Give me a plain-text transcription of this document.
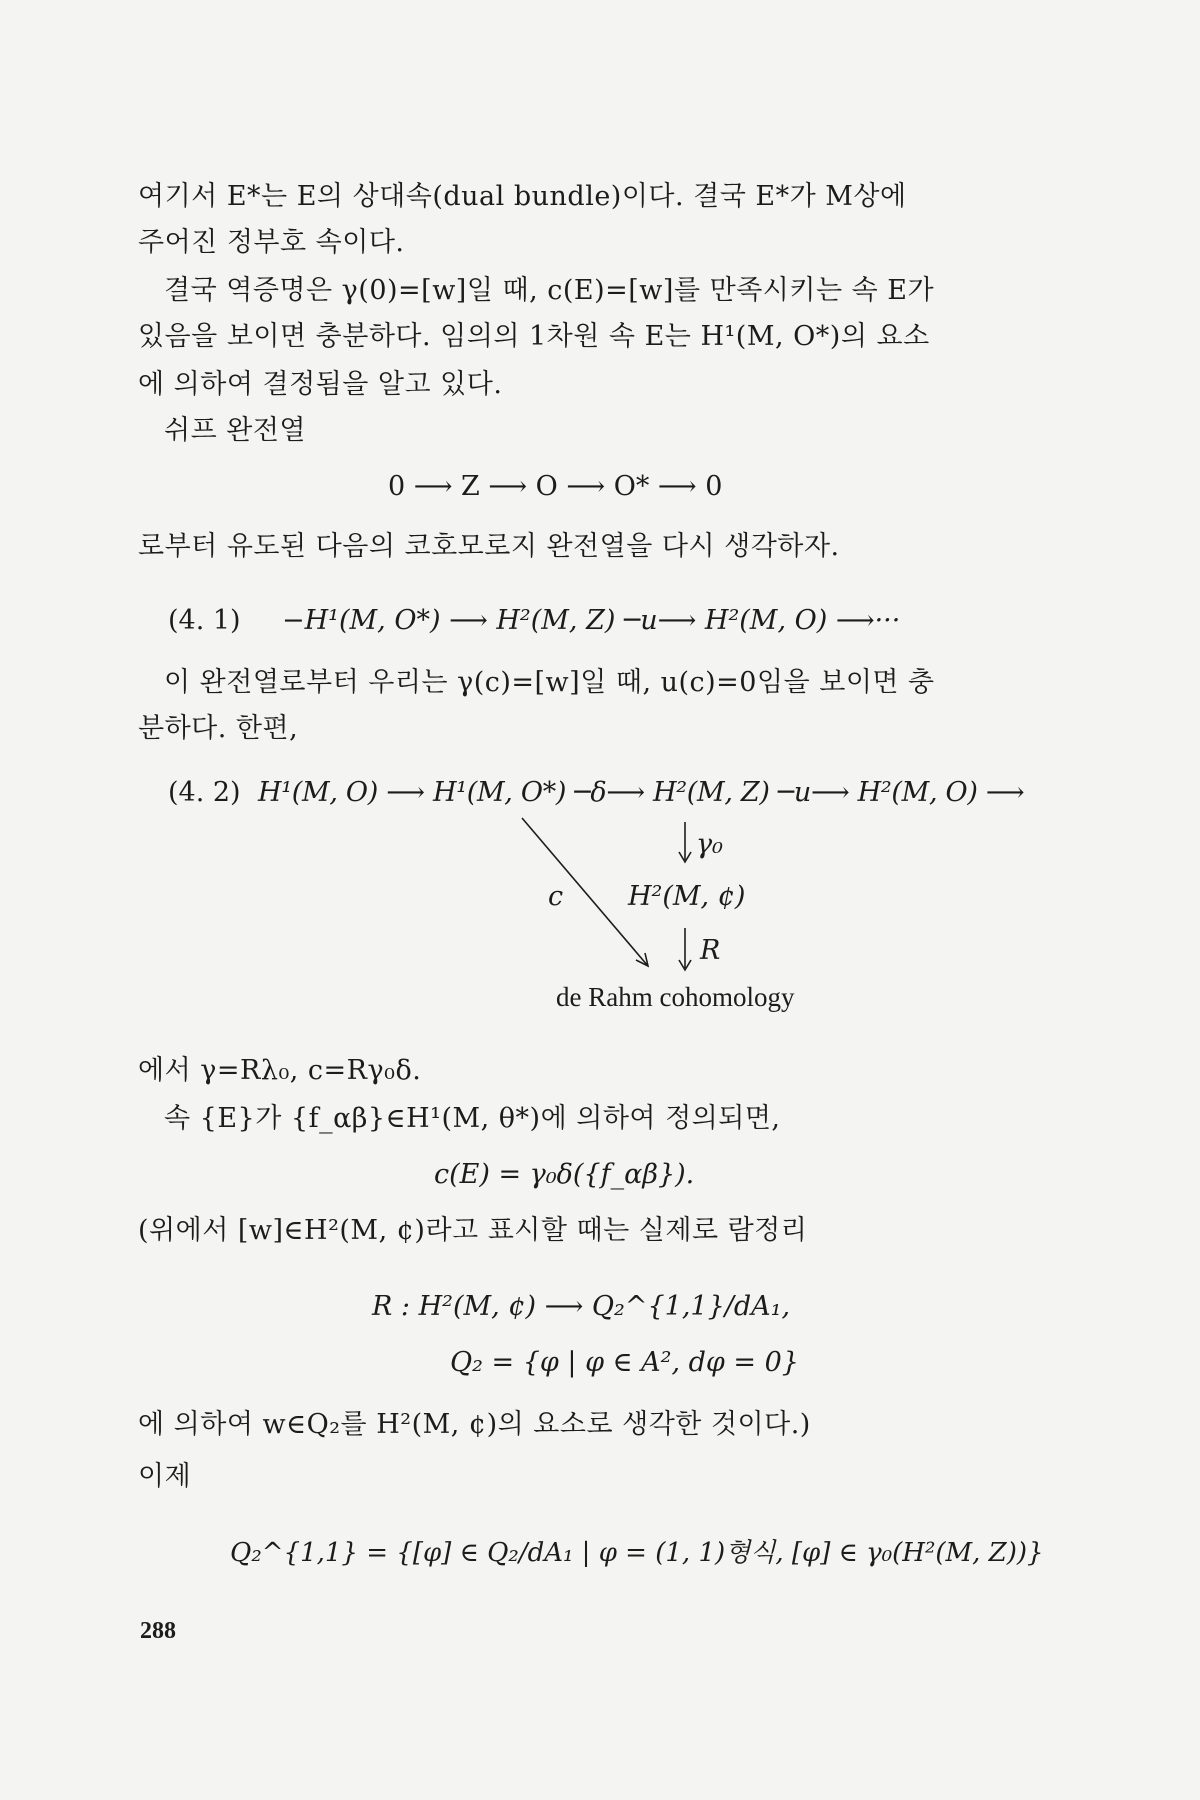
여기서 E*는 E의 상대속(dual bundle)이다. 결국 E*가 M상에
주어진 정부호 속이다.
결국 역증명은 γ(0)=[w]일 때, c(E)=[w]를 만족시키는 속 E가
있음을 보이면 충분하다. 임의의 1차원 속 E는 H¹(M, O*)의 요소
에 의하여 결정됨을 알고 있다.
쉬프 완전열
0 ⟶ Z ⟶ O ⟶ O* ⟶ 0
로부터 유도된 다음의 코호모로지 완전열을 다시 생각하자.
(4. 1) −H¹(M, O*) ⟶ H²(M, Z) ─u⟶ H²(M, O) ⟶···
이 완전열로부터 우리는 γ(c)=[w]일 때, u(c)=0임을 보이면 충
분하다. 한편,
(4. 2) H¹(M, O) ⟶ H¹(M, O*) ─δ⟶ H²(M, Z) ─u⟶ H²(M, O) ⟶
γ₀
c H²(M, ¢)
R
de Rahm cohomology
에서 γ=Rλ₀, c=Rγ₀δ.
속 {E}가 {f_αβ}∈H¹(M, θ*)에 의하여 정의되면,
c(E) = γ₀δ({f_αβ}).
(위에서 [w]∈H²(M, ¢)라고 표시할 때는 실제로 람정리
R : H²(M, ¢) ⟶ Q₂^{1,1}/dA₁,
Q₂ = {φ | φ ∈ A², dφ = 0}
에 의하여 w∈Q₂를 H²(M, ¢)의 요소로 생각한 것이다.)
이제
Q₂^{1,1} = {[φ] ∈ Q₂/dA₁ | φ = (1, 1)형식, [φ] ∈ γ₀(H²(M, Z))}
288
